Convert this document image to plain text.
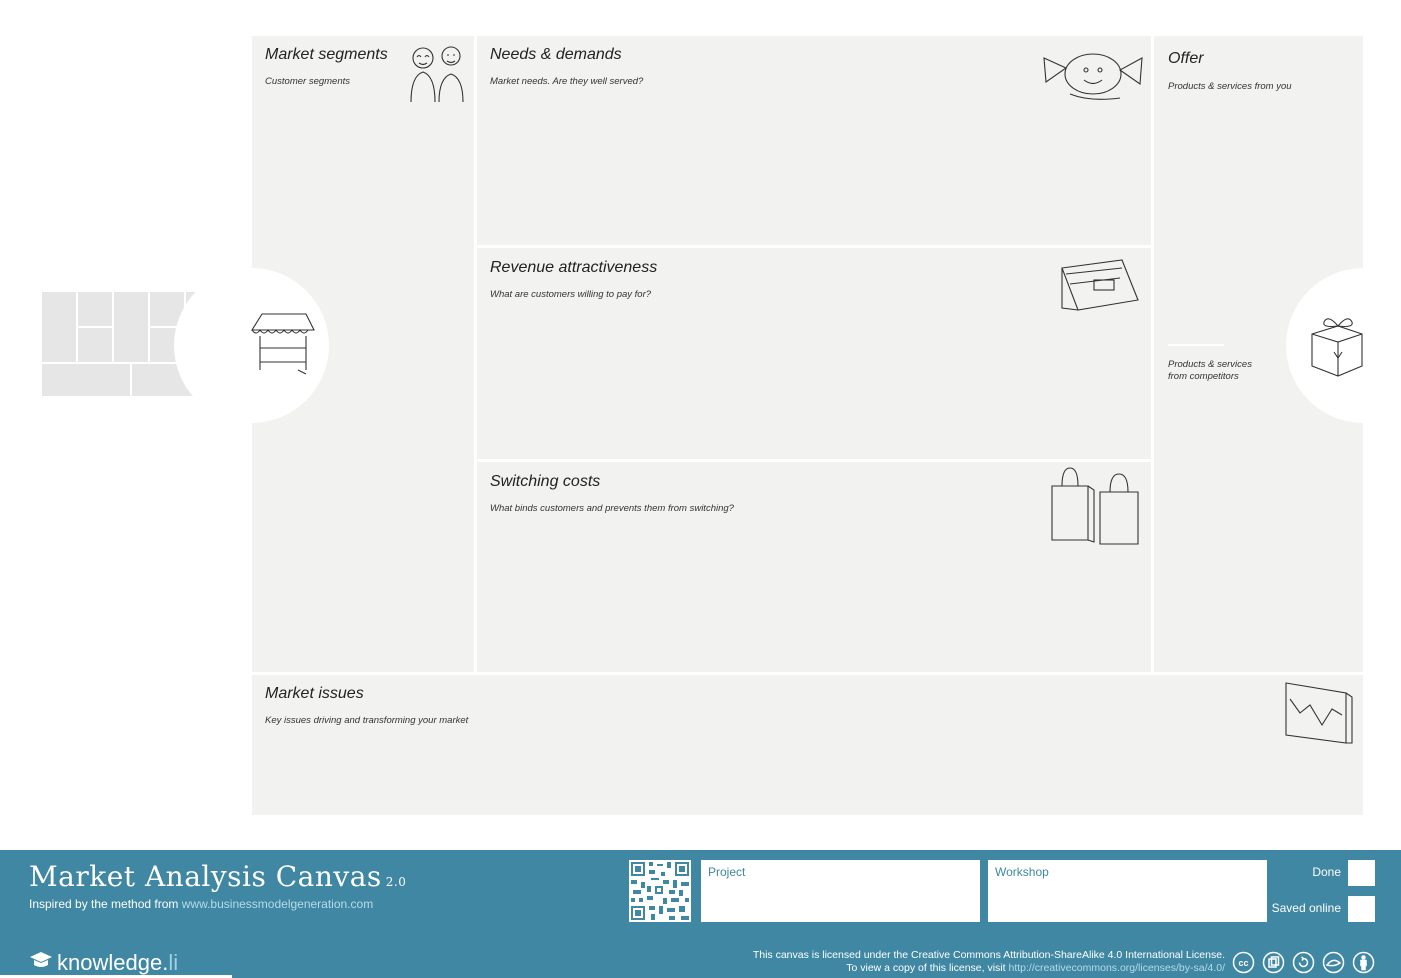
Market segments
Customer segments
Needs & demands
Market needs. Are they well served?
Revenue attractiveness
What are customers willing to pay for?
Switching costs
What binds customers and prevents them from switching?
Offer
Products & services from you
Products & services
from competitors
Market issues
Key issues driving and transforming your market
Market Analysis Canvas 2.0
Inspired by the method from www.businessmodelgeneration.com
knowledge. li
Project	Workshop	Done
Saved online
This canvas is licensed under the Creative Commons Attribution-ShareAlike 4.0 International License.
To view a copy of this license, visit http://creativecommons.org/licenses/by-sa/4.0/ cc
